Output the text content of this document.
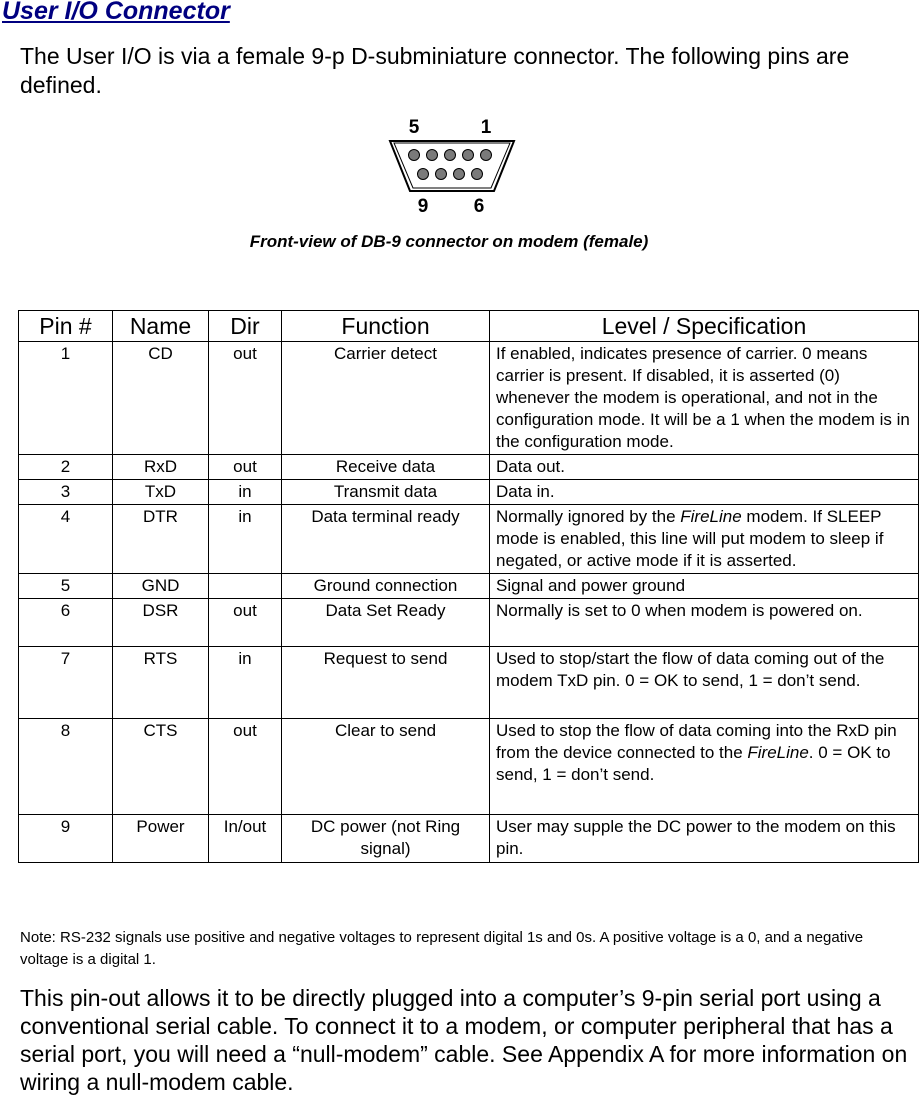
User I/O Connector
The User I/O is via a female 9-p D-subminiature connector. The following pins are defined.
5	1
9 6
Front-view of DB-9 connector on modem (female)
Pin #	Name	Dir	Function	Level / Specification
1	CD	out	Carrier detect	If enabled, indicates presence of carrier. 0 means carrier is present. If disabled, it is asserted (0) whenever the modem is operational, and not in the configuration mode. It will be a 1 when the modem is in the configuration mode.
2	RxD	out	Receive data	Data out.
3	TxD	in	Transmit data	Data in.
4	DTR	in	Data terminal ready	Normally ignored by the FireLine modem. If SLEEP mode is enabled, this line will put modem to sleep if negated, or active mode if it is asserted.
5	GND		Ground connection	Signal and power ground
6	DSR	out	Data Set Ready	Normally is set to 0 when modem is powered on.
7	RTS	in	Request to send	Used to stop/start the flow of data coming out of the modem TxD pin. 0 = OK to send, 1 = don’t send.
8	CTS	out	Clear to send	Used to stop the flow of data coming into the RxD pin from the device connected to the FireLine. 0 = OK to send, 1 = don’t send.
9	Power	In/out	DC power (not Ring signal)	User may supple the DC power to the modem on this pin.
Note: RS-232 signals use positive and negative voltages to represent digital 1s and 0s. A positive voltage is a 0, and a negative voltage is a digital 1.
This pin-out allows it to be directly plugged into a computer’s 9-pin serial port using a conventional serial cable. To connect it to a modem, or computer peripheral that has a serial port, you will need a “null-modem” cable. See Appendix A for more information on wiring a null-modem cable.
